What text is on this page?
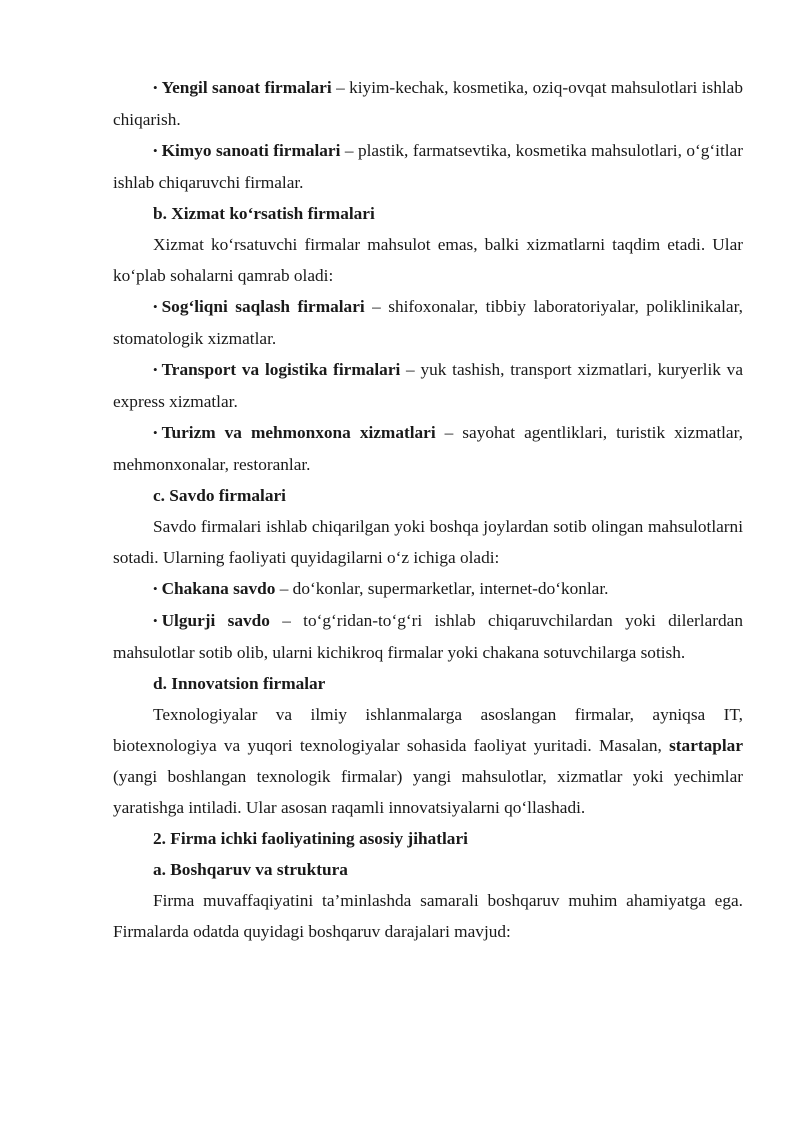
• Yengil sanoat firmalari – kiyim-kechak, kosmetika, oziq-ovqat mahsulotlari ishlab chiqarish.

• Kimyo sanoati firmalari – plastik, farmatsevtika, kosmetika mahsulotlari, o‘g‘itlar ishlab chiqaruvchi firmalar.

b. Xizmat ko‘rsatish firmalari

Xizmat ko‘rsatuvchi firmalar mahsulot emas, balki xizmatlarni taqdim etadi. Ular ko‘plab sohalarni qamrab oladi:

• Sog‘liqni saqlash firmalari – shifoxonalar, tibbiy laboratoriyalar, poliklinikalar, stomatologik xizmatlar.

• Transport va logistika firmalari – yuk tashish, transport xizmatlari, kuryerlik va express xizmatlar.

• Turizm va mehmonxona xizmatlari – sayohat agentliklari, turistik xizmatlar, mehmonxonalar, restoranlar.

c. Savdo firmalari

Savdo firmalari ishlab chiqarilgan yoki boshqa joylardan sotib olingan mahsulotlarni sotadi. Ularning faoliyati quyidagilarni o‘z ichiga oladi:

• Chakana savdo – do‘konlar, supermarketlar, internet-do‘konlar.

• Ulgurji savdo – to‘g‘ridan-to‘g‘ri ishlab chiqaruvchilardan yoki dilerlardan mahsulotlar sotib olib, ularni kichikroq firmalar yoki chakana sotuvchilarga sotish.

d. Innovatsion firmalar

Texnologiyalar va ilmiy ishlanmalarga asoslangan firmalar, ayniqsa IT, biotexnologiya va yuqori texnologiyalar sohasida faoliyat yuritadi. Masalan, startaplar (yangi boshlangan texnologik firmalar) yangi mahsulotlar, xizmatlar yoki yechimlar yaratishga intiladi. Ular asosan raqamli innovatsiyalarni qo‘llashadi.

2. Firma ichki faoliyatining asosiy jihatlari

a. Boshqaruv va struktura

Firma muvaffaqiyatini ta’minlashda samarali boshqaruv muhim ahamiyatga ega. Firmalarda odatda quyidagi boshqaruv darajalari mavjud:
